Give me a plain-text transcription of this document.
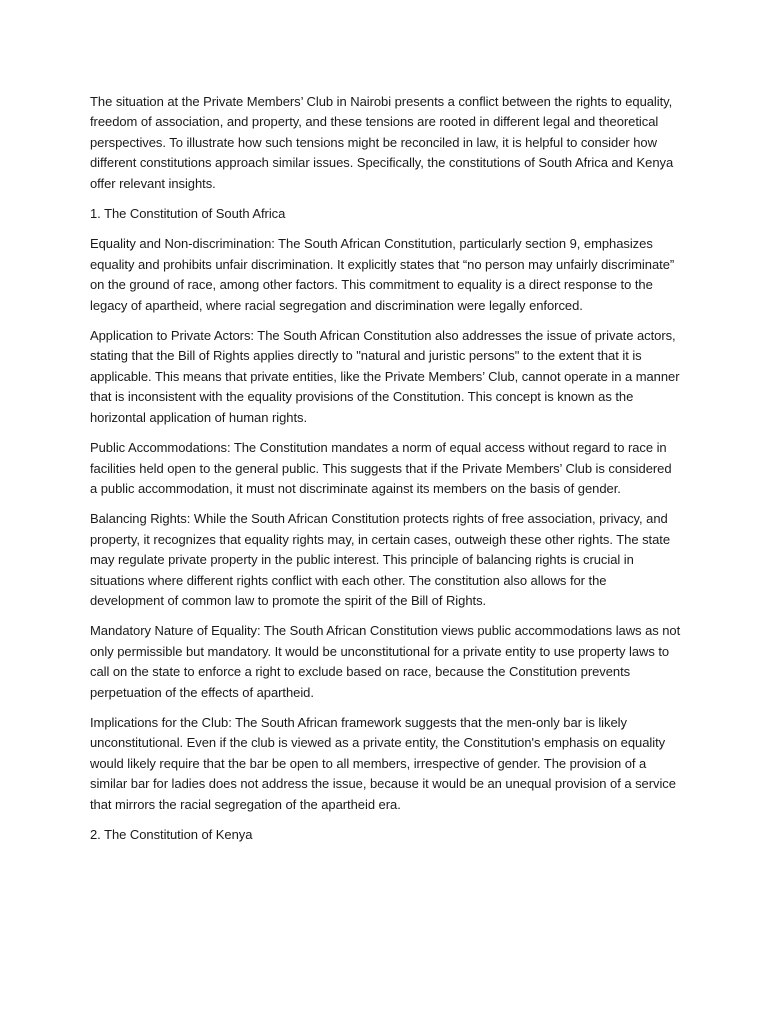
The situation at the Private Members’ Club in Nairobi presents a conflict between the rights to equality, freedom of association, and property, and these tensions are rooted in different legal and theoretical perspectives. To illustrate how such tensions might be reconciled in law, it is helpful to consider how different constitutions approach similar issues. Specifically, the constitutions of South Africa and Kenya offer relevant insights.

1. The Constitution of South Africa

Equality and Non-discrimination: The South African Constitution, particularly section 9, emphasizes equality and prohibits unfair discrimination. It explicitly states that “no person may unfairly discriminate” on the ground of race, among other factors. This commitment to equality is a direct response to the legacy of apartheid, where racial segregation and discrimination were legally enforced.

Application to Private Actors: The South African Constitution also addresses the issue of private actors, stating that the Bill of Rights applies directly to "natural and juristic persons" to the extent that it is applicable. This means that private entities, like the Private Members’ Club, cannot operate in a manner that is inconsistent with the equality provisions of the Constitution. This concept is known as the horizontal application of human rights.

Public Accommodations: The Constitution mandates a norm of equal access without regard to race in facilities held open to the general public. This suggests that if the Private Members’ Club is considered a public accommodation, it must not discriminate against its members on the basis of gender.

Balancing Rights: While the South African Constitution protects rights of free association, privacy, and property, it recognizes that equality rights may, in certain cases, outweigh these other rights. The state may regulate private property in the public interest. This principle of balancing rights is crucial in situations where different rights conflict with each other. The constitution also allows for the development of common law to promote the spirit of the Bill of Rights.

Mandatory Nature of Equality: The South African Constitution views public accommodations laws as not only permissible but mandatory. It would be unconstitutional for a private entity to use property laws to call on the state to enforce a right to exclude based on race, because the Constitution prevents perpetuation of the effects of apartheid.

Implications for the Club: The South African framework suggests that the men-only bar is likely unconstitutional. Even if the club is viewed as a private entity, the Constitution's emphasis on equality would likely require that the bar be open to all members, irrespective of gender. The provision of a similar bar for ladies does not address the issue, because it would be an unequal provision of a service that mirrors the racial segregation of the apartheid era.

2. The Constitution of Kenya
